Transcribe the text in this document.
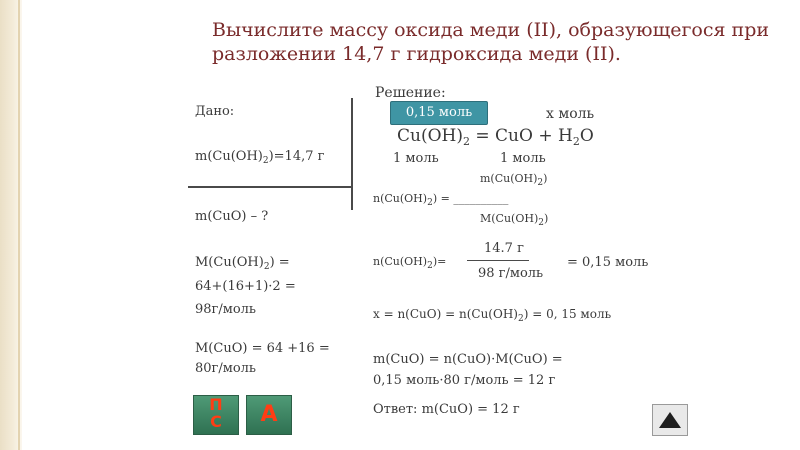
Вычислите массу оксида меди (II), образующегося при разложении 14,7 г гидроксида меди (II).
Дано:
$m(Cu(OH)_2)=14,7$ г
m(CuO) – ?
$M(Cu(OH)_2)$ =
64+(16+1)·2 =
98г/моль
M(CuO) = 64 +16 =
80г/моль
Решение:
0,15 моль	х моль
$Cu(OH)_2$ = CuO + $H_2O$
1 моль	1 моль
$m(Cu(OH)_2)$
$n(Cu(OH)_2)$ = __________
$M(Cu(OH)_2)$
14.7 г
$n(Cu(OH)_2)=$
98 г/моль
= 0,15 моль
$x = n(CuO) = n(Cu(OH)_2) = 0$, 15 моль
m(CuO) = n(CuO)·M(CuO) =
0,15 моль·80 г/моль = 12 г
Ответ: m(CuO) = 12 г
П
С	А
